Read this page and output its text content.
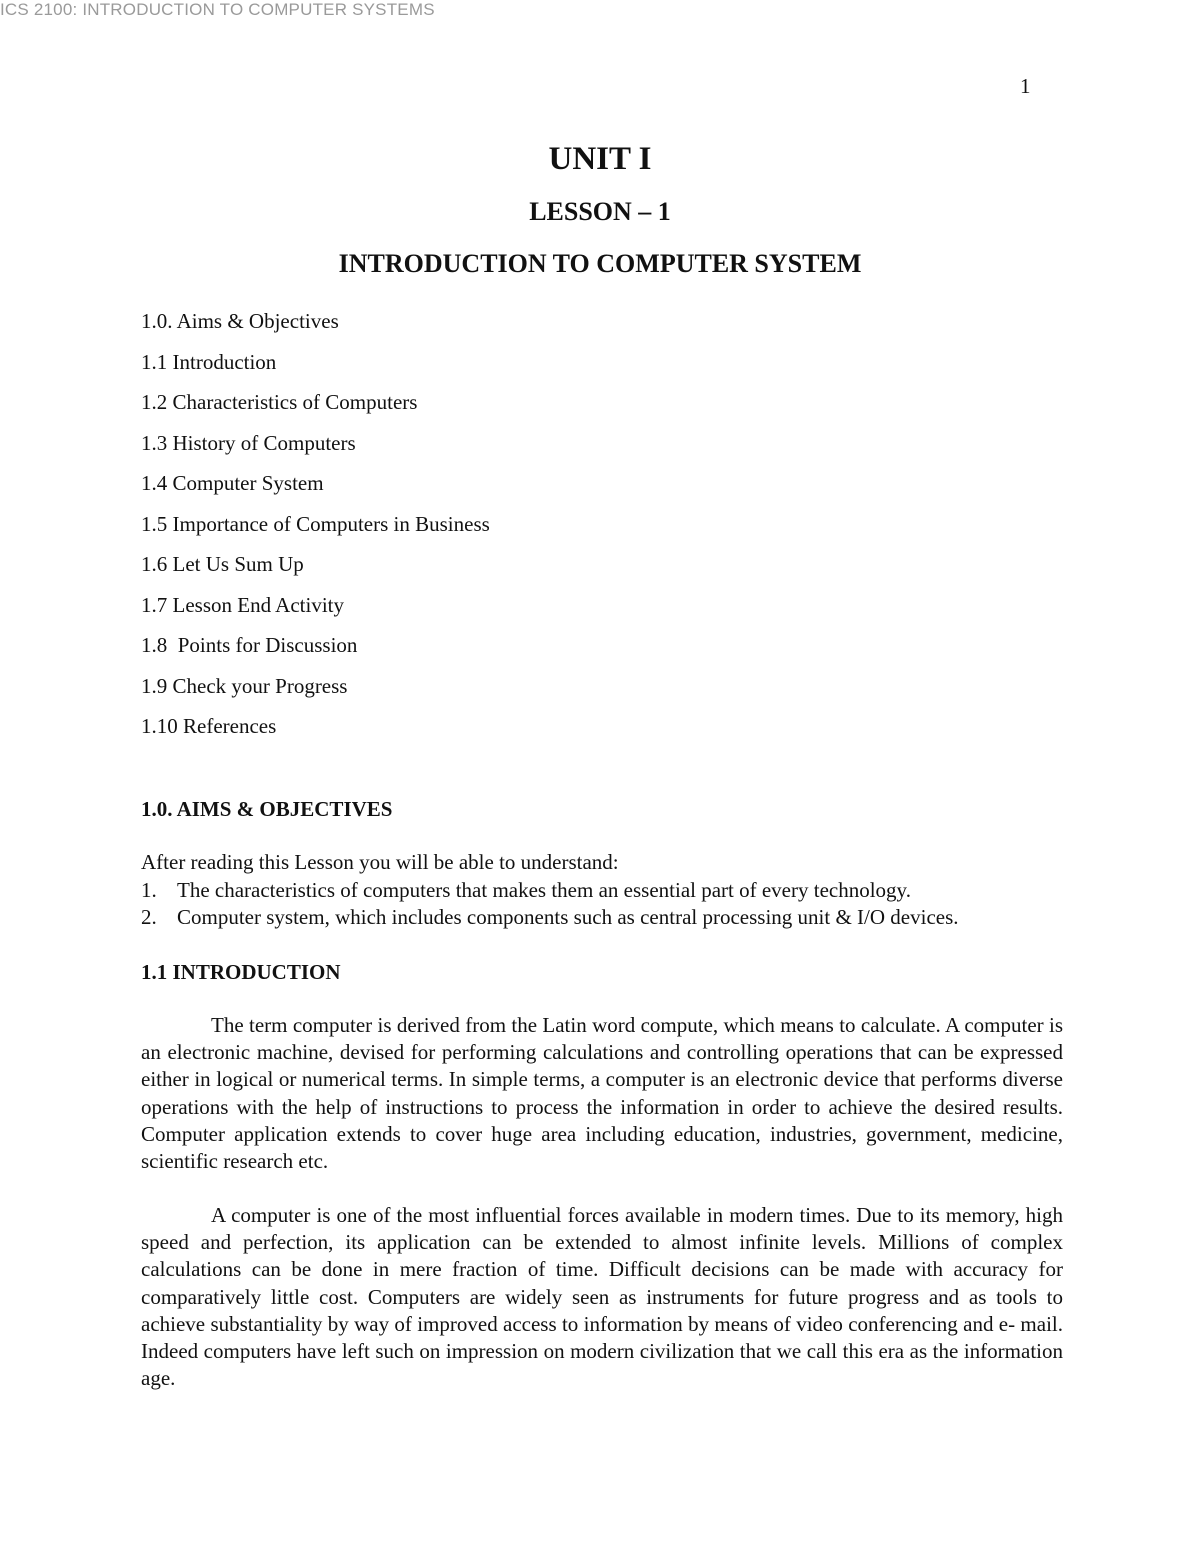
ICS 2100: INTRODUCTION TO COMPUTER SYSTEMS
1
UNIT I
LESSON – 1
INTRODUCTION TO COMPUTER SYSTEM
1.0. Aims & Objectives
1.1 Introduction
1.2 Characteristics of Computers
1.3 History of Computers
1.4 Computer System
1.5 Importance of Computers in Business
1.6 Let Us Sum Up
1.7 Lesson End Activity
1.8  Points for Discussion
1.9 Check your Progress
1.10 References
1.0. AIMS & OBJECTIVES
After reading this Lesson you will be able to understand:
1. The characteristics of computers that makes them an essential part of every technology.
2. Computer system, which includes components such as central processing unit & I/O devices.
1.1 INTRODUCTION

The term computer is derived from the Latin word compute, which means to calculate. A computer is an electronic machine, devised for performing calculations and controlling operations that can be expressed either in logical or numerical terms. In simple terms, a computer is an electronic device that performs diverse operations with the help of instructions to process the information in order to achieve the desired results. Computer application extends to cover huge area including education, industries, government, medicine, scientific research etc.

A computer is one of the most influential forces available in modern times. Due to its memory, high speed and perfection, its application can be extended to almost infinite levels. Millions of complex calculations can be done in mere fraction of time. Difficult decisions can be made with accuracy for comparatively little cost. Computers are widely seen as instruments for future progress and as tools to achieve substantiality by way of improved access to information by means of video conferencing and e- mail. Indeed computers have left such on impression on modern civilization that we call this era as the information age.
